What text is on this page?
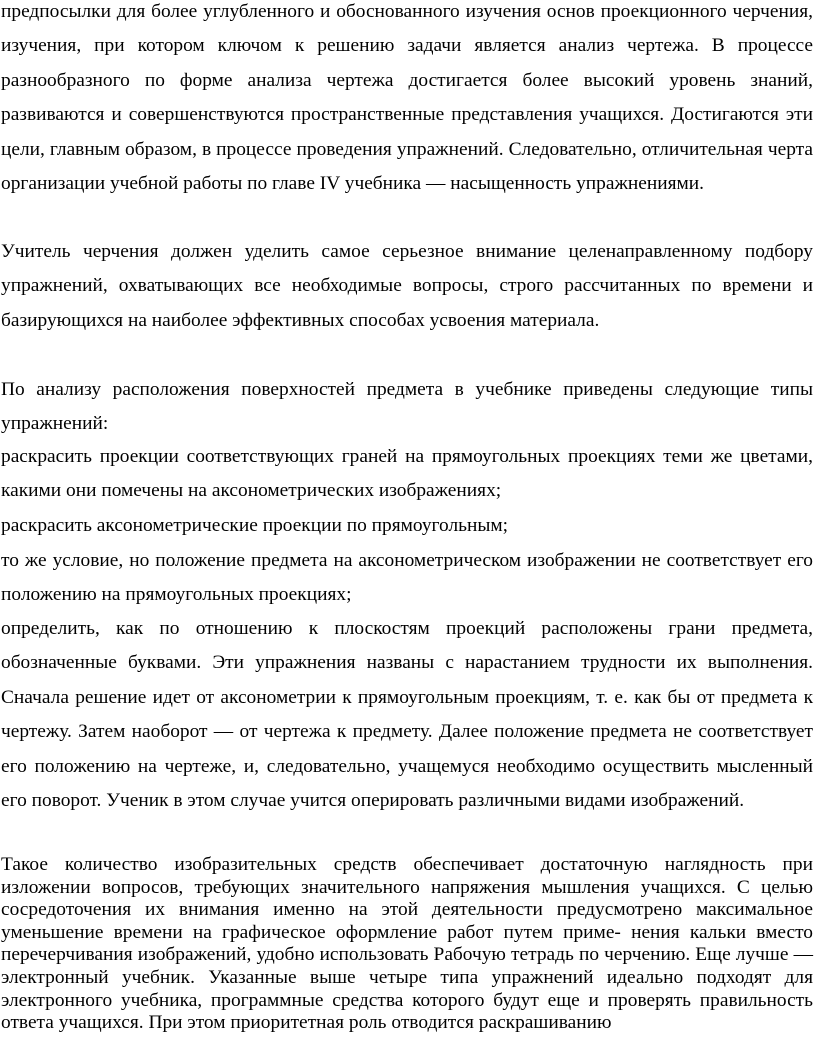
предпосылки для более углубленного и обоснованного изучения основ проекционного черчения, изучения, при котором ключом к решению задачи является анализ чертежа. В процессе разнообразного по форме анализа чертежа достигается более высокий уровень знаний, развиваются и совершенствуются пространственные представления учащихся. Достигаются эти цели, главным образом, в процессе проведения упражнений. Следовательно, отличительная черта организации учебной работы по главе IV учебника — насыщенность упражнениями.

Учитель черчения должен уделить самое серьезное внимание целенаправленному подбору упражнений, охватывающих все необходимые вопросы, строго рассчитанных по времени и базирующихся на наиболее эффективных способах усвоения материала.

По анализу расположения поверхностей предмета в учебнике приведены следующие типы упражнений:

раскрасить проекции соответствующих граней на прямоугольных проекциях теми же цветами, какими они помечены на аксонометрических изображениях;

раскрасить аксонометрические проекции по прямоугольным;

то же условие, но положение предмета на аксонометрическом изображении не соответствует его положению на прямоугольных проекциях;

определить, как по отношению к плоскостям проекций расположены грани предмета, обозначенные буквами. Эти упражнения названы с нарастанием трудности их выполнения. Сначала решение идет от аксонометрии к прямоугольным проекциям, т. е. как бы от предмета к чертежу. Затем наоборот — от чертежа к предмету. Далее положение предмета не соответствует его положению на чертеже, и, следовательно, учащемуся необходимо осуществить мысленный его поворот. Ученик в этом случае учится оперировать различными видами изображений.

Такое количество изобразительных средств обеспечивает достаточную наглядность при изложении вопросов, требующих значительного напряжения мышления учащихся. С целью сосредоточения их внимания именно на этой деятельности предусмотрено максимальное уменьшение времени на графическое оформление работ путем приме- нения кальки вместо перечерчивания изображений, удобно использовать Рабочую тетрадь по черчению. Еще лучше — электронный учебник. Указанные выше четыре типа упражнений идеально подходят для электронного учебника, программные средства которого будут еще и проверять правильность ответа учащихся. При этом приоритетная роль отводится раскрашиванию
